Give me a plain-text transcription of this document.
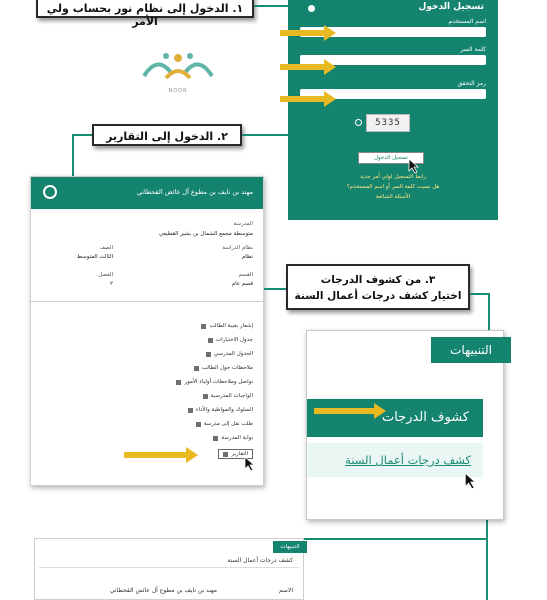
١. الدخول إلى نظام نور بحساب ولي الأمر
تسجيل الدخول
اسم المستخدم
كلمة السر
رمز التحقق
5335
تسجيل الدخول
رابط التسجيل لولي أمر جديد
هل نسيت كلمة السر أو اسم المستخدم؟
الأسئلة الشائعة
NOOR
٢. الدخول إلى التقارير
مهند بن نايف بن مطوع آل عائض القحطاني
المدرسة
متوسطة مجمع الشمال بن بشير القطيعي
نظام الدراسة
نظام
الصف
الثالث المتوسط
القسم
قسم عام
الفصل
٢
إشعار بغيبة الطالب
جدول الاختبارات
الجدول المدرسي
ملاحظات حول الطالب
تواصل وملاحظات أولياء الأمور
الواجبات المدرسية
السلوك والمواظبة والأداء
طلب نقل إلى مدرسة
بوابة المدرسة
التقارير
٣. من كشوف الدرجات
اختيار كشف درجات أعمال السنة
التنبيهات
كشوف الدرجات
كشف درجات أعمال السنة
التنبيهات
كشف درجات أعمال السنة
الاسم
مهند بن نايف بن مطوع آل عائض القحطاني
